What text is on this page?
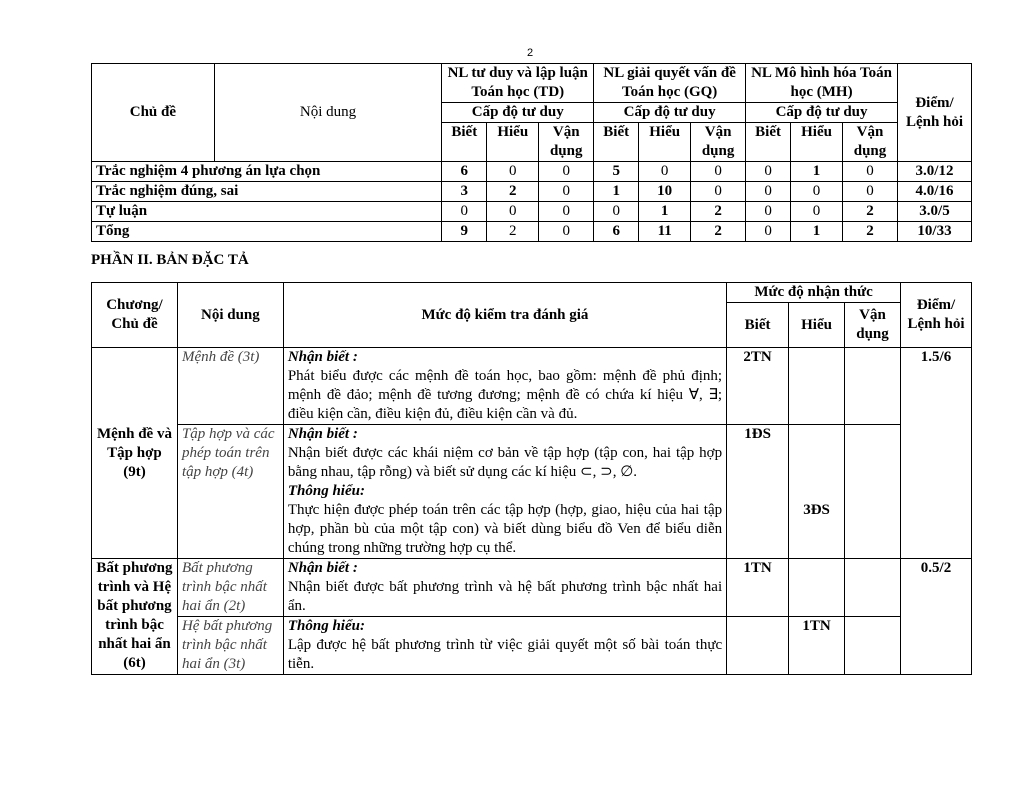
2
Chủ đề	Nội dung	NL tư duy và lập luận Toán học (TD)			NL giải quyết vấn đề Toán học (GQ)			NL Mô hình hóa Toán học (MH)			Điểm/ Lệnh hỏi
		Cấp độ tư duy			Cấp độ tư duy			Cấp độ tư duy			
		Biết	Hiểu	Vận dụng	Biết	Hiểu	Vận dụng	Biết	Hiểu	Vận dụng	
Trắc nghiệm 4 phương án lựa chọn		6	0	0	5	0	0	0	1	0	3.0/12
Trắc nghiệm đúng, sai		3	2	0	1	10	0	0	0	0	4.0/16
Tự luận		0	0	0	0	1	2	0	0	2	3.0/5
Tổng		9	2	0	6	11	2	0	1	2	10/33
PHẦN II. BẢN ĐẶC TẢ
Chương/ Chủ đề	Nội dung	Mức độ kiểm tra đánh giá	Mức độ nhận thức			Điểm/ Lệnh hỏi
			Biết	Hiểu	Vận dụng	
Mệnh đề và Tập hợp (9t)	Mệnh đề (3t)	Nhận biết :
Phát biểu được các mệnh đề toán học, bao gồm: mệnh đề phủ định; mệnh đề đảo; mệnh đề tương đương; mệnh đề có chứa kí hiệu ∀, ∃; điều kiện cần, điều kiện đủ, điều kiện cần và đủ.	2TN			1.5/6
	Tập hợp và các phép toán trên tập hợp (4t)	Nhận biết :
Nhận biết được các khái niệm cơ bản về tập hợp (tập con, hai tập hợp bằng nhau, tập rỗng) và biết sử dụng các kí hiệu ⊂, ⊃, ∅.
Thông hiểu:
Thực hiện được phép toán trên các tập hợp (hợp, giao, hiệu của hai tập hợp, phần bù của một tập con) và biết dùng biểu đồ Ven để biểu diễn chúng trong những trường hợp cụ thể.	1ĐS	3ĐS		
Bất phương trình và Hệ bất phương trình bậc nhất hai ẩn (6t)	Bất phương trình bậc nhất hai ẩn (2t)	Nhận biết :
Nhận biết được bất phương trình và hệ bất phương trình bậc nhất hai ẩn.	1TN			0.5/2
	Hệ bất phương trình bậc nhất hai ẩn (3t)	Thông hiểu:
Lập được hệ bất phương trình từ việc giải quyết một số bài toán thực tiễn.		1TN		
